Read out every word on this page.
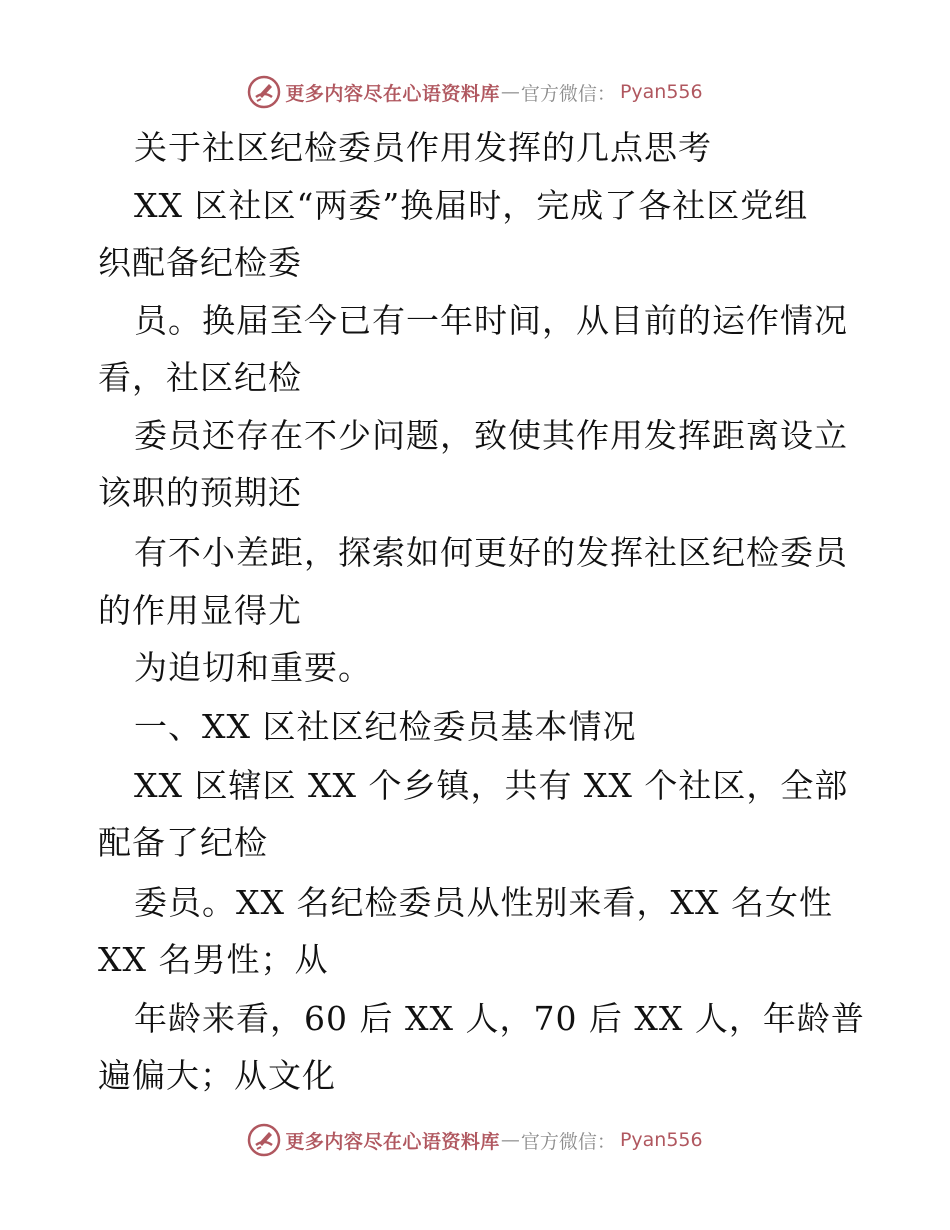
更多内容尽在心语资料库 — 官方微信： Pyan556
关于社区纪检委员作用发挥的几点思考
XX 区社区“两委”换届时，完成了各社区党组
织配备纪检委
员。换届至今已有一年时间，从目前的运作情况
看，社区纪检
委员还存在不少问题，致使其作用发挥距离设立
该职的预期还
有不小差距，探索如何更好的发挥社区纪检委员
的作用显得尤
为迫切和重要。
一、XX 区社区纪检委员基本情况
XX 区辖区 XX 个乡镇，共有 XX 个社区，全部
配备了纪检
委员。XX 名纪检委员从性别来看，XX 名女性
XX 名男性；从
年龄来看，60 后 XX 人，70 后 XX 人，年龄普
遍偏大；从文化
更多内容尽在心语资料库 — 官方微信： Pyan556
